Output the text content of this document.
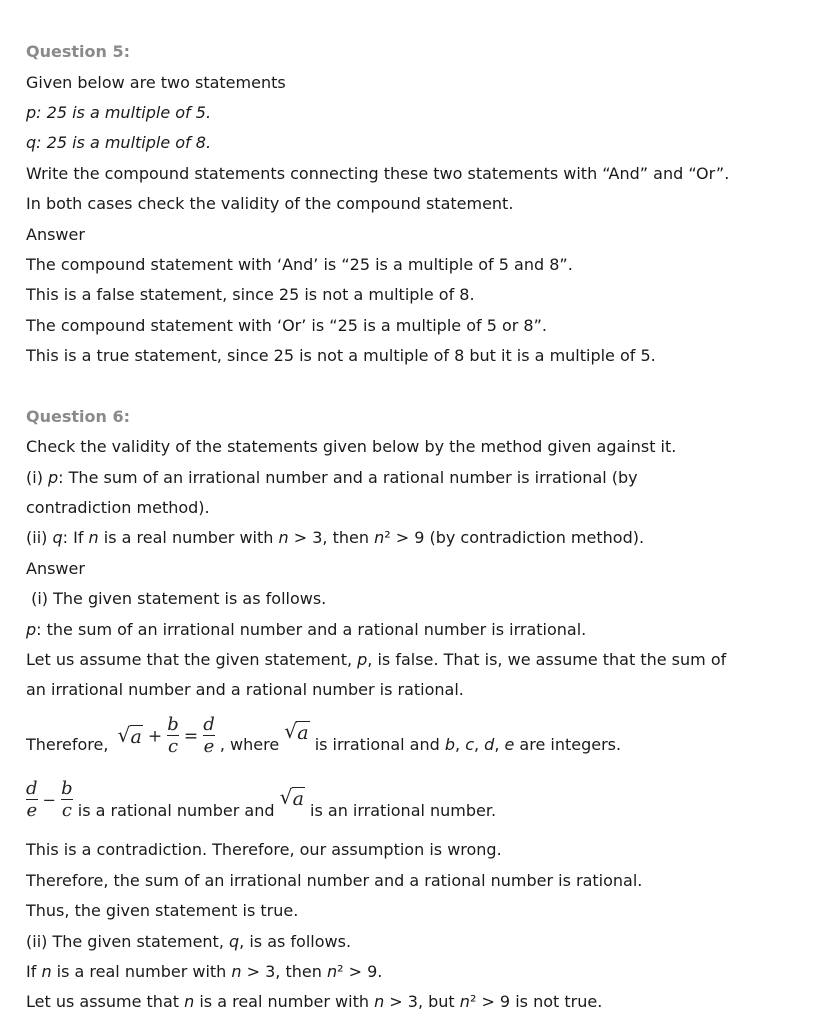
Question 5:
Given below are two statements
p: 25 is a multiple of 5.
q: 25 is a multiple of 8.
Write the compound statements connecting these two statements with “And” and “Or”.
In both cases check the validity of the compound statement.
Answer
The compound statement with ‘And’ is “25 is a multiple of 5 and 8”.
This is a false statement, since 25 is not a multiple of 8.
The compound statement with ‘Or’ is “25 is a multiple of 5 or 8”.
This is a true statement, since 25 is not a multiple of 8 but it is a multiple of 5.
Question 6:
Check the validity of the statements given below by the method given against it.
(i) p: The sum of an irrational number and a rational number is irrational (by
contradiction method).
(ii) q: If n is a real number with n > 3, then n² > 9 (by contradiction method).
Answer
(i) The given statement is as follows.
p: the sum of an irrational number and a rational number is irrational.
Let us assume that the given statement, p, is false. That is, we assume that the sum of
an irrational number and a rational number is rational.
Therefore, √ $a + \frac{b}{c} = \frac{d}{e}$ , where
√ a is irrational and b, c, d, e are integers.
$\frac{d}{e} - \frac{b}{c}$ is a rational number and
√ a is an irrational number.
This is a contradiction. Therefore, our assumption is wrong.
Therefore, the sum of an irrational number and a rational number is rational.
Thus, the given statement is true.
(ii) The given statement, q, is as follows.
If n is a real number with n > 3, then n² > 9.
Let us assume that n is a real number with n > 3, but n² > 9 is not true.
